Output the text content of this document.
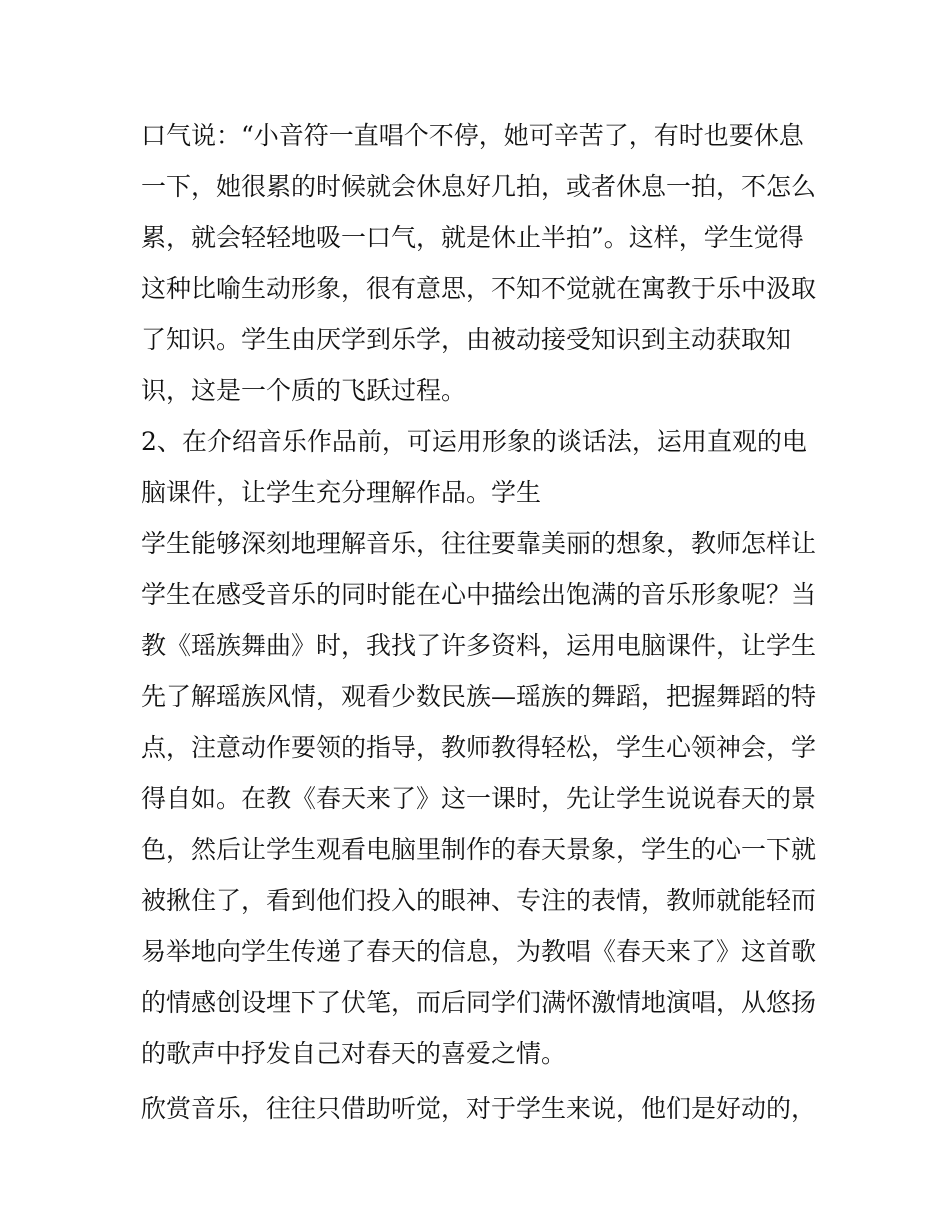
口气说：“小音符一直唱个不停，她可辛苦了，有时也要休息
一下，她很累的时候就会休息好几拍，或者休息一拍，不怎么
累，就会轻轻地吸一口气，就是休止半拍”。这样，学生觉得
这种比喻生动形象，很有意思，不知不觉就在寓教于乐中汲取
了知识。学生由厌学到乐学，由被动接受知识到主动获取知
识，这是一个质的飞跃过程。
2、在介绍音乐作品前，可运用形象的谈话法，运用直观的电
脑课件，让学生充分理解作品。学生
学生能够深刻地理解音乐，往往要靠美丽的想象，教师怎样让
学生在感受音乐的同时能在心中描绘出饱满的音乐形象呢？当
教《瑶族舞曲》时，我找了许多资料，运用电脑课件，让学生
先了解瑶族风情，观看少数民族—瑶族的舞蹈，把握舞蹈的特
点，注意动作要领的指导，教师教得轻松，学生心领神会，学
得自如。在教《春天来了》这一课时，先让学生说说春天的景
色，然后让学生观看电脑里制作的春天景象，学生的心一下就
被揪住了，看到他们投入的眼神、专注的表情，教师就能轻而
易举地向学生传递了春天的信息，为教唱《春天来了》这首歌
的情感创设埋下了伏笔，而后同学们满怀激情地演唱，从悠扬
的歌声中抒发自己对春天的喜爱之情。
欣赏音乐，往往只借助听觉，对于学生来说，他们是好动的，
